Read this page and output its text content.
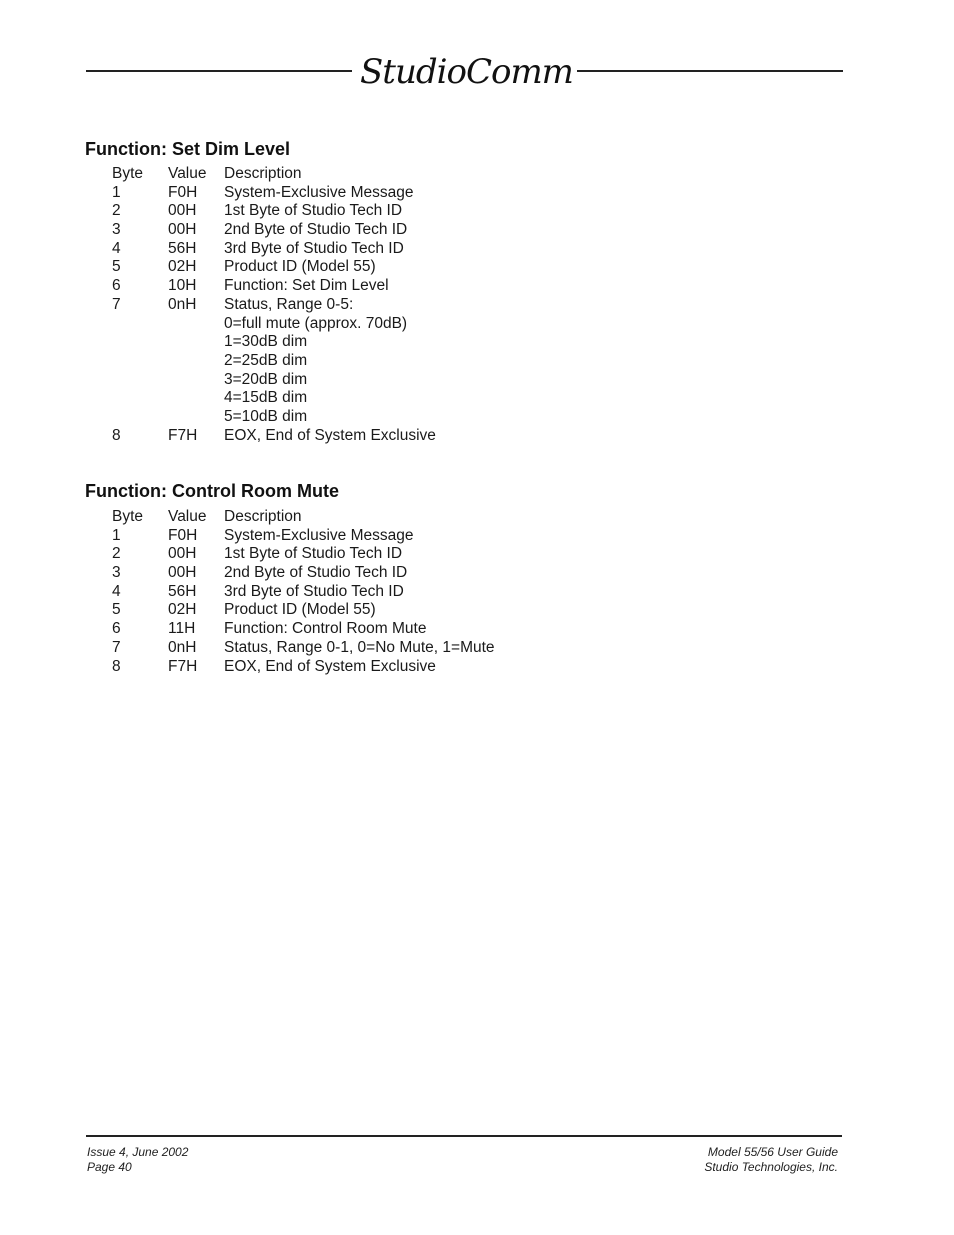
StudioComm
Function: Set Dim Level
Byte Value Description
1	F0H System-Exclusive Message
2	00H 1st Byte of Studio Tech ID
3	00H 2nd Byte of Studio Tech ID
4	56H 3rd Byte of Studio Tech ID
5	02H Product ID (Model 55)
6	10H Function: Set Dim Level
7	0nH Status, Range 0-5:
0=full mute (approx. 70dB)
1=30dB dim
2=25dB dim
3=20dB dim
4=15dB dim
5=10dB dim
8	F7H EOX, End of System Exclusive
Function: Control Room Mute
Byte Value Description
1	F0H System-Exclusive Message
2	00H 1st Byte of Studio Tech ID
3	00H 2nd Byte of Studio Tech ID
4	56H 3rd Byte of Studio Tech ID
5	02H Product ID (Model 55)
6	11H Function: Control Room Mute
7	0nH Status, Range 0-1, 0=No Mute, 1=Mute
8	F7H EOX, End of System Exclusive
Issue 4, June 2002
Page 40
Model 55/56 User Guide
Studio Technologies, Inc.
